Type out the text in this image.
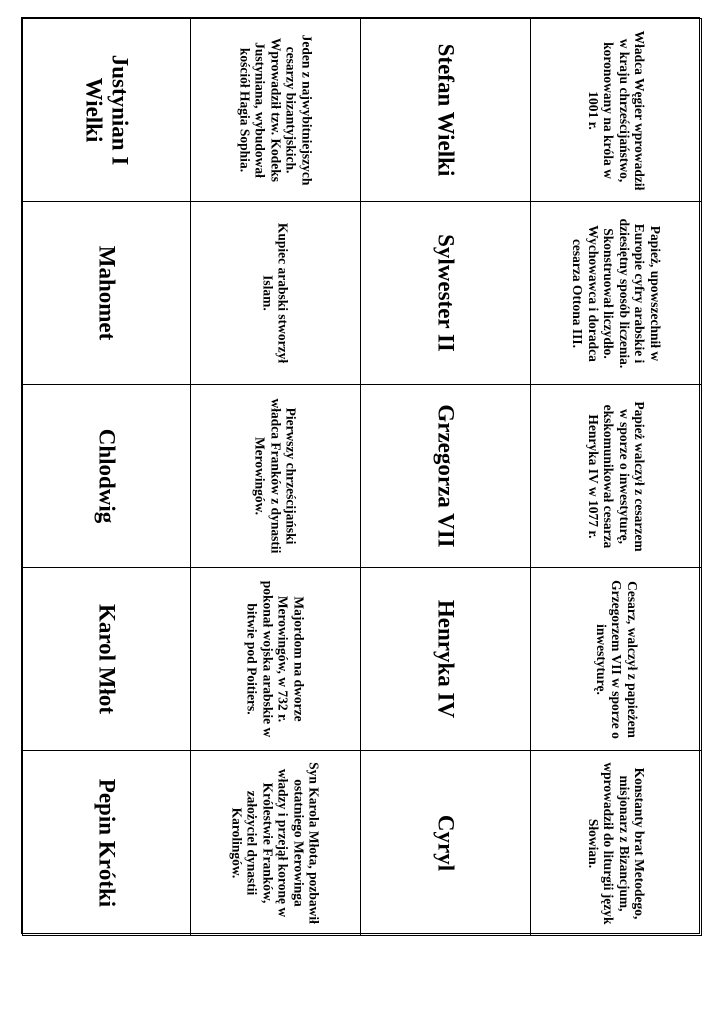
Justynian I Wielki
Mahomet
Chlodwig
Karol Młot
Pepin Krótki
Jeden z najwybitniejszych cesarzy bizantyjskich. Wprowadził tzw. Kodeks Justyniana, wybudował kościół Hagia Sophia.
Kupiec arabski stworzył Islam.
Pierwszy chrześcijański władca Franków z dynastii Merowingów.
Majordom na dworze Merowingów, w 732 r. pokonał wojska arabskie w bitwie pod Poitiers.
Syn Karola Młota, pozbawił ostatniego Merowinga władzy i przejął koronę w Królestwie Franków, założyciel dynastii Karolingów.
Stefan Wielki
Sylwester II
Grzegorza VII
Henryka IV
Cyryl
Władca Węgier wprowadził w kraju chrześcijaństwo, koronowany na króla w 1001 r.
Papież, upowszechnił w Europie cyfry arabskie i dziesiętny sposób liczenia. Skonstruował liczydło. Wychowawca i doradca cesarza Ottona III.
Papież walczył z cesarzem w sporze o inwestyturę, ekskomunikował cesarza Henryka IV w 1077 r.
Cesarz, walczył z papieżem Grzegorzem VII w sporze o inwestyturę.
Konstanty brat Metodego, misjonarz z Bizancjum, wprowadził do liturgii język Słowian.
